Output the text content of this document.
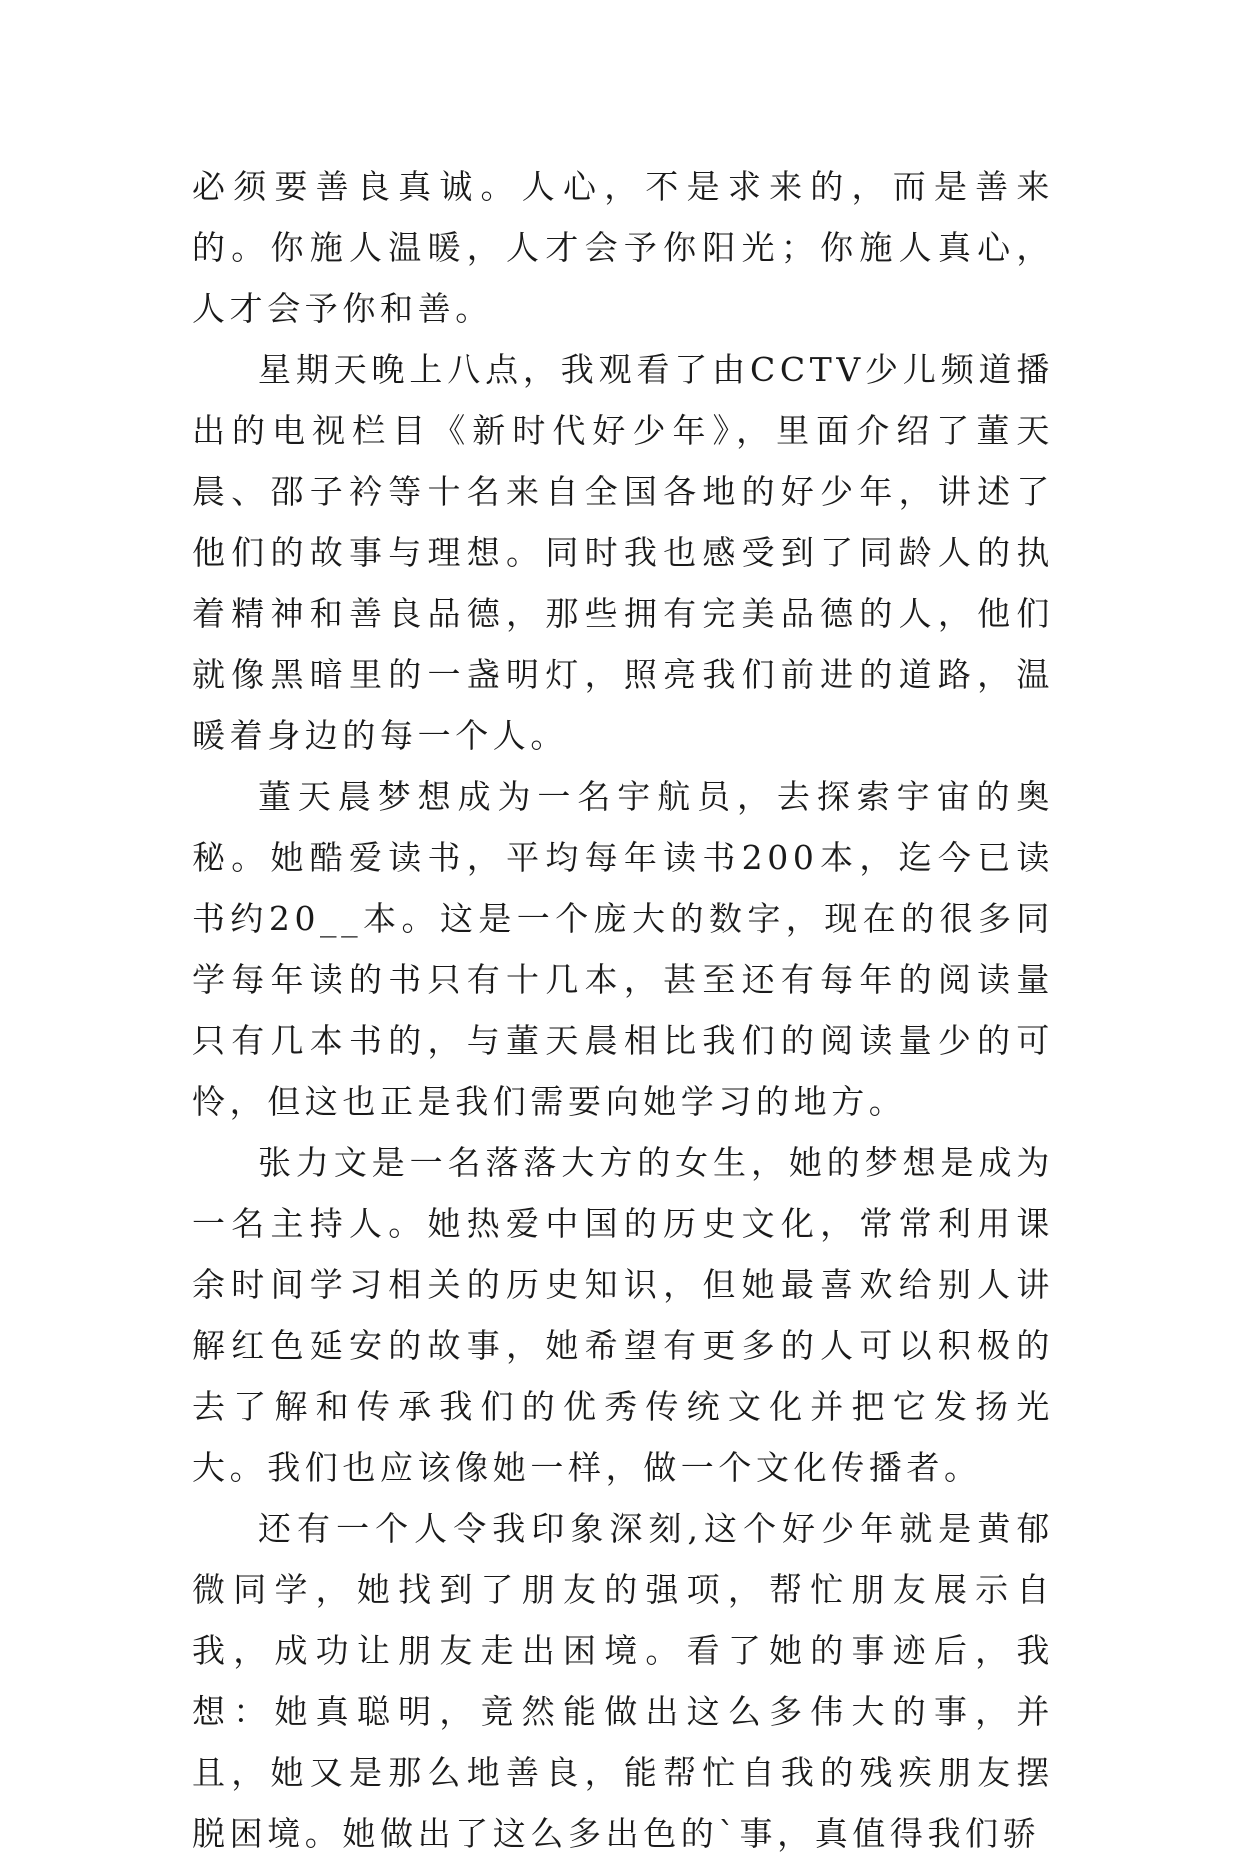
必须要善良真诚。人心，不是求来的，而是善来的。你施人温暖，人才会予你阳光；你施人真心，人才会予你和善。

星期天晚上八点，我观看了由CCTV少儿频道播出的电视栏目《新时代好少年》，里面介绍了董天晨、邵子衿等十名来自全国各地的好少年，讲述了他们的故事与理想。同时我也感受到了同龄人的执着精神和善良品德，那些拥有完美品德的人，他们就像黑暗里的一盏明灯，照亮我们前进的道路，温暖着身边的每一个人。

董天晨梦想成为一名宇航员，去探索宇宙的奥秘。她酷爱读书，平均每年读书200本，迄今已读书约20__本。这是一个庞大的数字，现在的很多同学每年读的书只有十几本，甚至还有每年的阅读量只有几本书的，与董天晨相比我们的阅读量少的可怜，但这也正是我们需要向她学习的地方。

张力文是一名落落大方的女生，她的梦想是成为一名主持人。她热爱中国的历史文化，常常利用课余时间学习相关的历史知识，但她最喜欢给别人讲解红色延安的故事，她希望有更多的人可以积极的去了解和传承我们的优秀传统文化并把它发扬光大。我们也应该像她一样，做一个文化传播者。

还有一个人令我印象深刻,这个好少年就是黄郁微同学，她找到了朋友的强项，帮忙朋友展示自我，成功让朋友走出困境。看了她的事迹后，我想：她真聪明，竟然能做出这么多伟大的事，并且，她又是那么地善良，能帮忙自我的残疾朋友摆脱困境。她做出了这么多出色的`事，真值得我们骄
